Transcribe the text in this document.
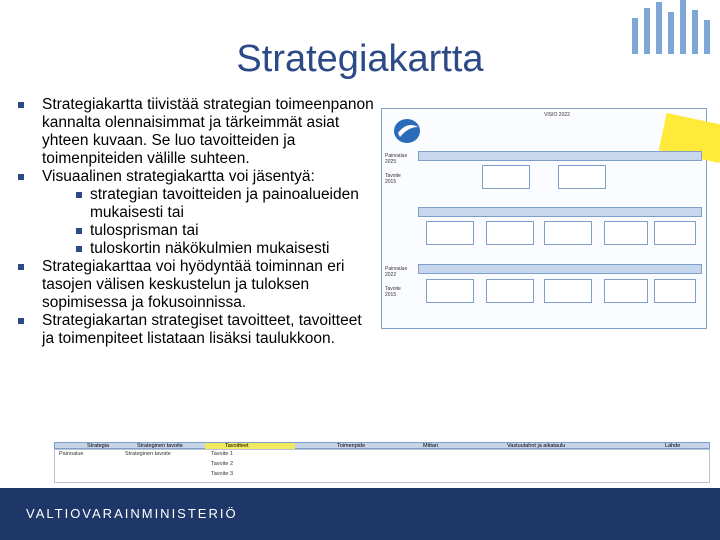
Strategiakartta
Strategiakartta tiivistää strategian toimeenpanon kannalta olennaisimmat ja tärkeimmät asiat yhteen kuvaan. Se luo tavoitteiden ja toimenpiteiden välille suhteen.
Visuaalinen strategiakartta voi jäsentyä:
strategian tavoitteiden ja painoalueiden mukaisesti tai
tulosprisman tai
tuloskortin näkökulmien mukaisesti
Strategiakarttaa voi hyödyntää toiminnan eri tasojen välisen keskustelun ja tuloksen sopimisessa ja fokusoinnissa.
Strategiakartan strategiset tavoitteet, tavoitteet ja toimenpiteet listataan lisäksi taulukkoon.
VISIO 2022
Painoalue 2025
Tavoite 2015
Painoalue 2022
Tavoite 2015
Strategia	Strateginen tavoite	Tavoitteet	Toimenpide	Mittari	Vastuutahot ja aikataulu	Lähde
Painoalue	Strateginen tavoite	Tavoite 1
Tavoite 2
Tavoite 3
VALTIOVARAINMINISTERIÖ
